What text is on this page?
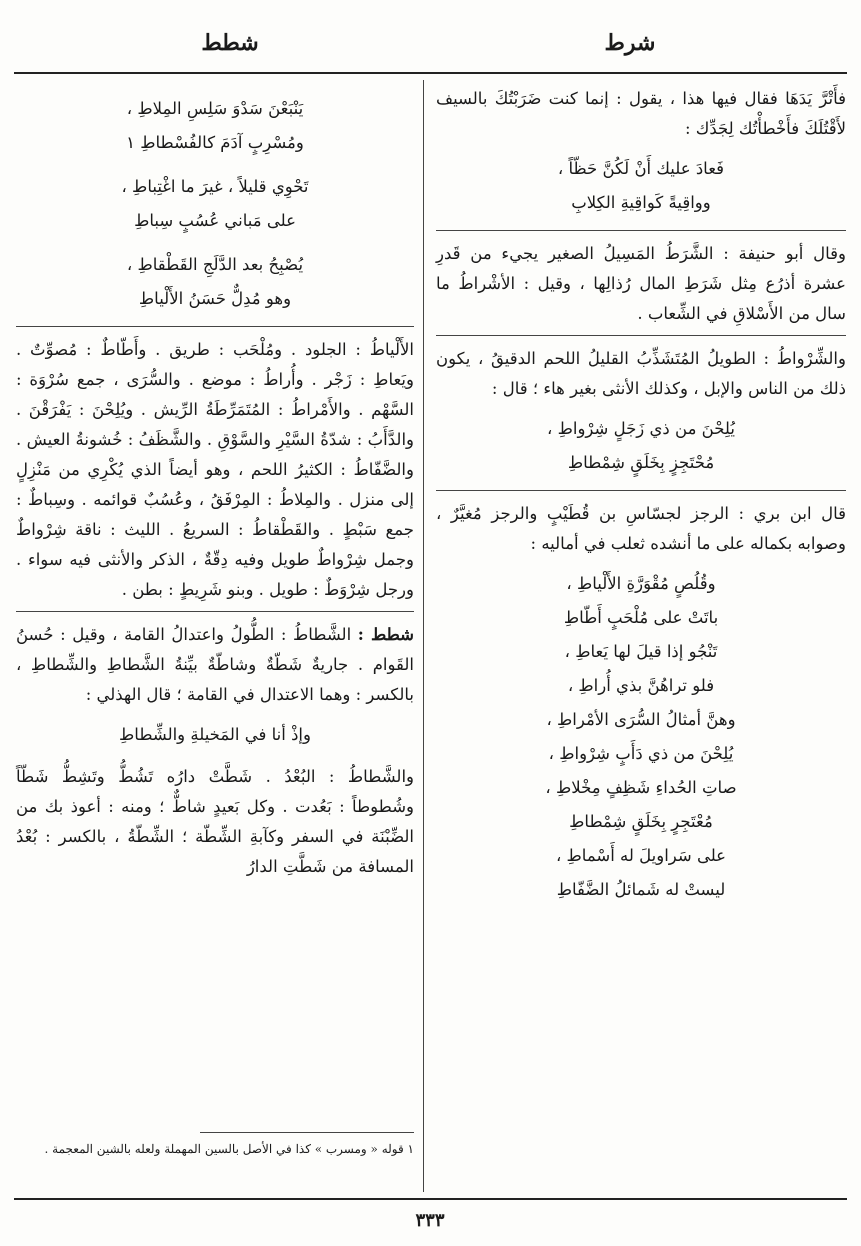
شرط
شطط

فأَتْرَّ يَدَهَا فقال فيها هذا ، يقول : إنما كنت ضَرَبْتُكَ بالسيف لأَقْتُلَكَ فأَخْطأْتُك لِجَدِّك :

فَعادَ عليك أَنْ لَكُنَّ حَظّاً ،
وواقِيةً كَواقِيةِ الكِلابِ

وقال أبو حنيفة : الشَّرَطُ المَسِيلُ الصغير يجيء من قَدرِ عشرة أذرُع مِثل شَرَطِ المال رُذالِها ، وقيل : الأشْراطُ ما سال من الأَسْلاقِ في الشِّعاب .

والشِّرْواطُ : الطويلُ المُتَشَذِّبُ القليلُ اللحم الدقيقُ ، يكون ذلك من الناس والإبل ، وكذلك الأنثى بغير هاء ؛ قال :

يُلِحْنَ من ذي زَجَلٍ شِرْواطِ ،
مُحْتَجِزٍ بِخَلَقٍ شِمْطاطِ

قال ابن بري : الرجز لجسّاسِ بن قُطَيْبٍ والرجز مُغيَّرٌ ، وصوابه بكماله على ما أنشده ثعلب في أماليه :

وقُلُصٍ مُقْوَرَّةِ الأَلْياطِ ،
باتَتْ على مُلْحَبٍ أَطّاطِ
تَنْجُو إذا قيلَ لها يَعاطِ ،
فلو تراهُنَّ بذي أُراطِ ،
وهنَّ أمثالُ السُّرَى الأمْراطِ ،
يُلِحْنَ من ذي دَأَبٍ شِرْواطِ ،
صاتِ الحُداءِ شَظِفٍ مِخْلاطِ ،
مُعْتَجِرٍ بِخَلَقٍ شِمْطاطِ
على سَراويلَ له أَسْماطِ ،
ليستْ له شَمائلُ الضَّفّاطِ
يَنْبَعْنَ سَدْوَ سَلِسِ المِلاطِ ،
ومُسْرِبٍ آدَمَ كالفُسْطاطِ ١
تَحْوِي قليلاً ، غيرَ ما اغْتِباطِ ،
على مَباني عُسُبٍ سِباطِ
يُصْبِحُ بعد الدَّلَجِ القَطْقاطِ ،
وهو مُدِلٌّ حَسَنُ الأَلْياطِ

الأَلْياطُ : الجلود . ومُلْحَب : طريق . وأَطّاطٌ : مُصوِّتٌ . ويَعاطِ : زَجْر . وأُراطُ : موضع . والسُّرَى ، جمع سُرْوَة : السَّهْم . والأَمْراطُ : المُتَمَرِّطَةُ الرِّيش . ويُلِحْنَ : يَفْرَقْنَ . والدَّأَبُ : شدّةُ السَّيْرِ والسَّوْقِ . والشَّظَفُ : خُشونةُ العيش . والضَّفّاطُ : الكثيرُ اللحم ، وهو أيضاً الذي يُكْرِي من مَنْزِلٍ إلى منزل . والمِلاطُ : المِرْفَقُ ، وعُسُبٌ قوائمه . وسِباطٌ : جمع سَبْطٍ . والقَطْقاطُ : السريعُ . الليث : ناقة شِرْواطٌ وجمل شِرْواطٌ طويل وفيه دِقّةٌ ، الذكر والأنثى فيه سواء . ورجل شِرْوَطٌ : طويل . وبنو شَرِيطٍ : بطن .

شطط : الشَّطاطُ : الطُّولُ واعتدالُ القامة ، وقيل : حُسنُ القَوام . جاريةٌ شَطّةٌ وشاطّةٌ بيِّنةُ الشَّطاطِ والشِّطاطِ ، بالكسر : وهما الاعتدال في القامة ؛ قال الهذلي :

وإذْ أنا في المَخيلةِ والشِّطاطِ

والشَّطاطُ : البُعْدُ . شَطَّتْ دارُه تَشُطُّ وتَشِطُّ شَطّاً وشُطوطاً : بَعُدت . وكل بَعيدٍ شاطٌّ ؛ ومنه : أعوذ بك من الضِّبْنَة في السفر وكآبةِ الشِّطّة ؛ الشِّطّةُ ، بالكسر : بُعْدُ المسافة من شَطَّتِ الدارُ

١ قوله « ومسرب » كذا في الأصل بالسين المهملة ولعله بالشين المعجمة .
٣٣٣
